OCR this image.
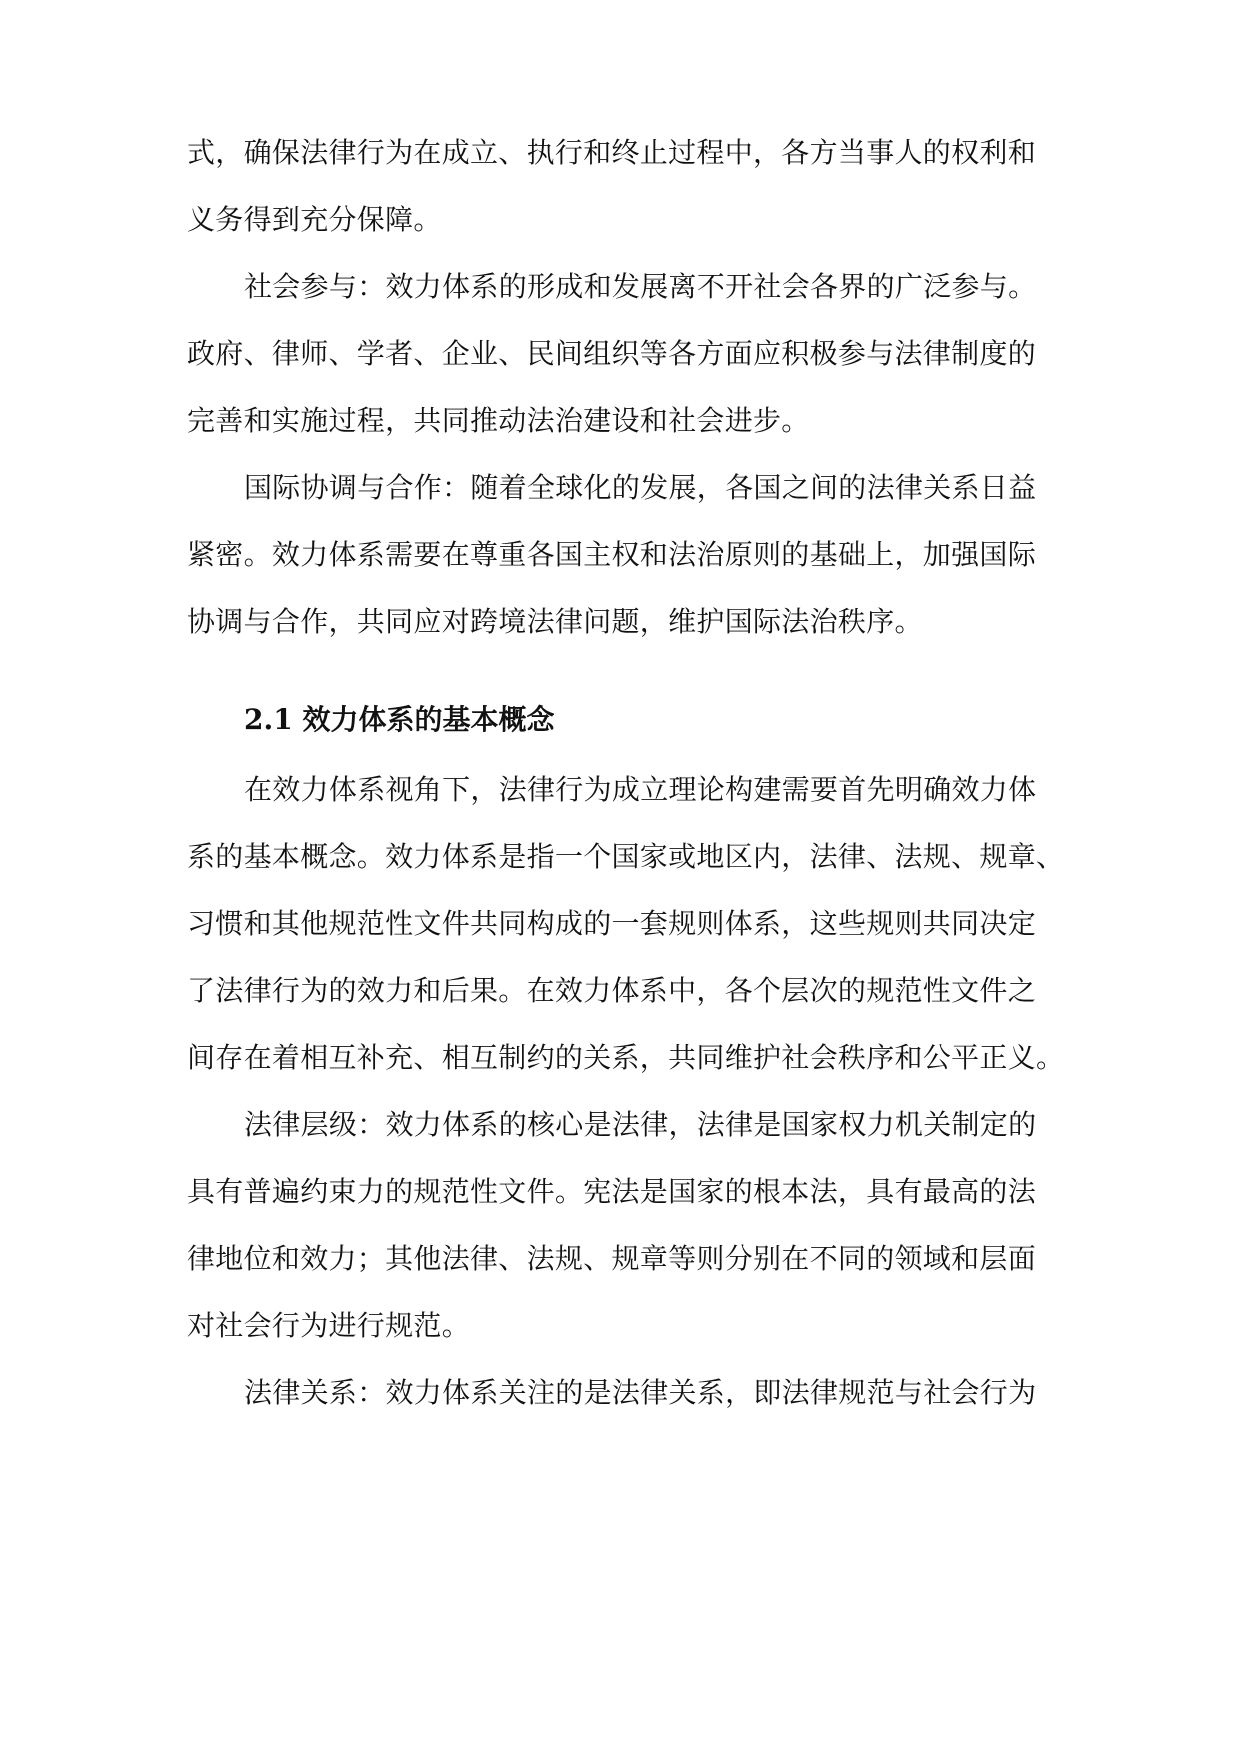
式，确保法律行为在成立、执行和终止过程中，各方当事人的权利和
义务得到充分保障。
社会参与：效力体系的形成和发展离不开社会各界的广泛参与。
政府、律师、学者、企业、民间组织等各方面应积极参与法律制度的
完善和实施过程，共同推动法治建设和社会进步。
国际协调与合作：随着全球化的发展，各国之间的法律关系日益
紧密。效力体系需要在尊重各国主权和法治原则的基础上，加强国际
协调与合作，共同应对跨境法律问题，维护国际法治秩序。
2.1 效力体系的基本概念
在效力体系视角下，法律行为成立理论构建需要首先明确效力体
系的基本概念。效力体系是指一个国家或地区内，法律、法规、规章、
习惯和其他规范性文件共同构成的一套规则体系，这些规则共同决定
了法律行为的效力和后果。在效力体系中，各个层次的规范性文件之
间存在着相互补充、相互制约的关系，共同维护社会秩序和公平正义。
法律层级：效力体系的核心是法律，法律是国家权力机关制定的
具有普遍约束力的规范性文件。宪法是国家的根本法，具有最高的法
律地位和效力；其他法律、法规、规章等则分别在不同的领域和层面
对社会行为进行规范。
法律关系：效力体系关注的是法律关系，即法律规范与社会行为
